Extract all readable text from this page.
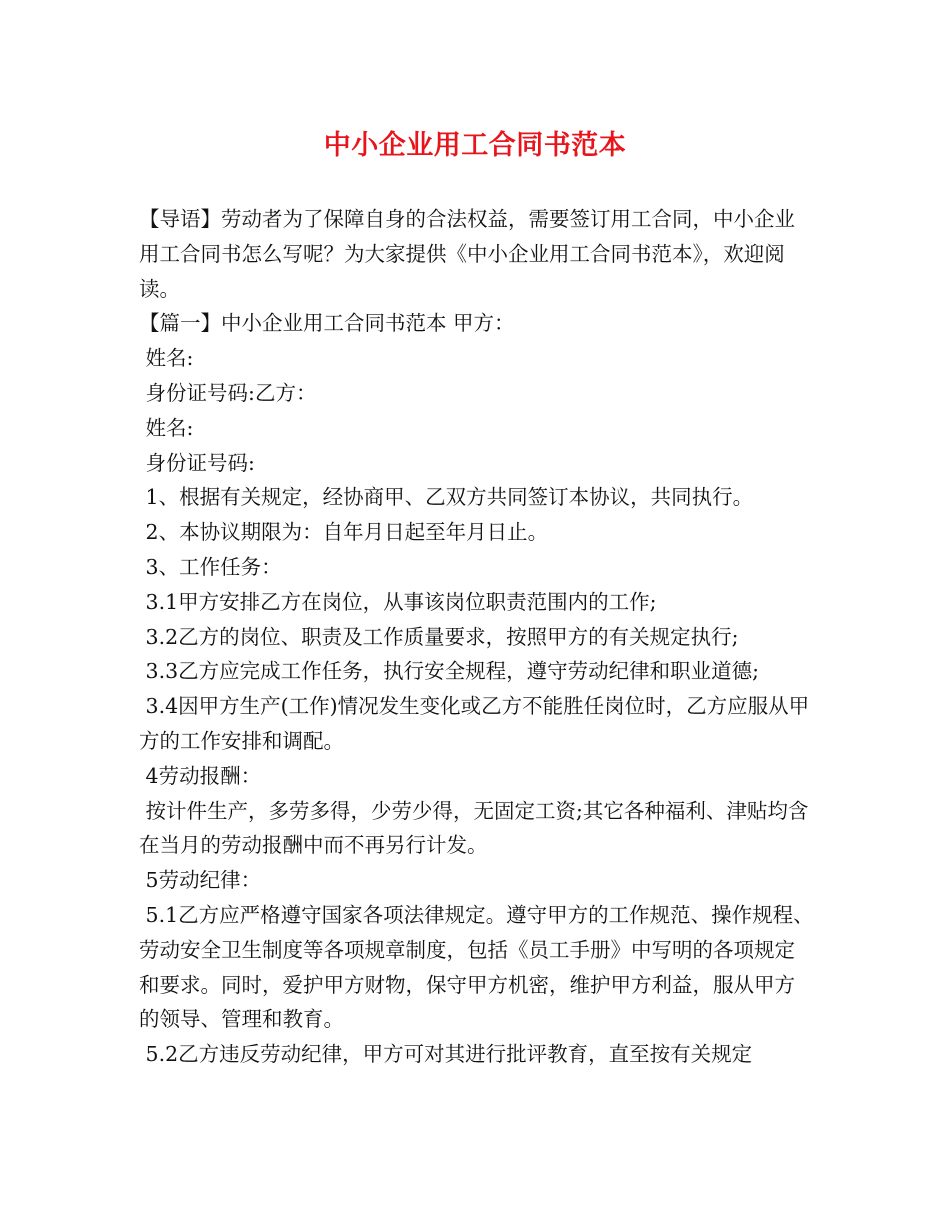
中小企业用工合同书范本

【导语】劳动者为了保障自身的合法权益，需要签订用工合同，中小企业用工合同书怎么写呢？为大家提供《中小企业用工合同书范本》，欢迎阅读。

【篇一】中小企业用工合同书范本 甲方：

姓名:

身份证号码:乙方：

姓名:

身份证号码:

1、根据有关规定，经协商甲、乙双方共同签订本协议，共同执行。

2、本协议期限为：自年月日起至年月日止。

3、工作任务：

3.1甲方安排乙方在岗位，从事该岗位职责范围内的工作;

3.2乙方的岗位、职责及工作质量要求，按照甲方的有关规定执行;

3.3乙方应完成工作任务，执行安全规程，遵守劳动纪律和职业道德;

3.4因甲方生产(工作)情况发生变化或乙方不能胜任岗位时，乙方应服从甲方的工作安排和调配。

4劳动报酬：

按计件生产，多劳多得，少劳少得，无固定工资;其它各种福利、津贴均含在当月的劳动报酬中而不再另行计发。

5劳动纪律：

5.1乙方应严格遵守国家各项法律规定。遵守甲方的工作规范、操作规程、劳动安全卫生制度等各项规章制度，包括《员工手册》中写明的各项规定和要求。同时，爱护甲方财物，保守甲方机密，维护甲方利益，服从甲方的领导、管理和教育。

5.2乙方违反劳动纪律，甲方可对其进行批评教育，直至按有关规定
